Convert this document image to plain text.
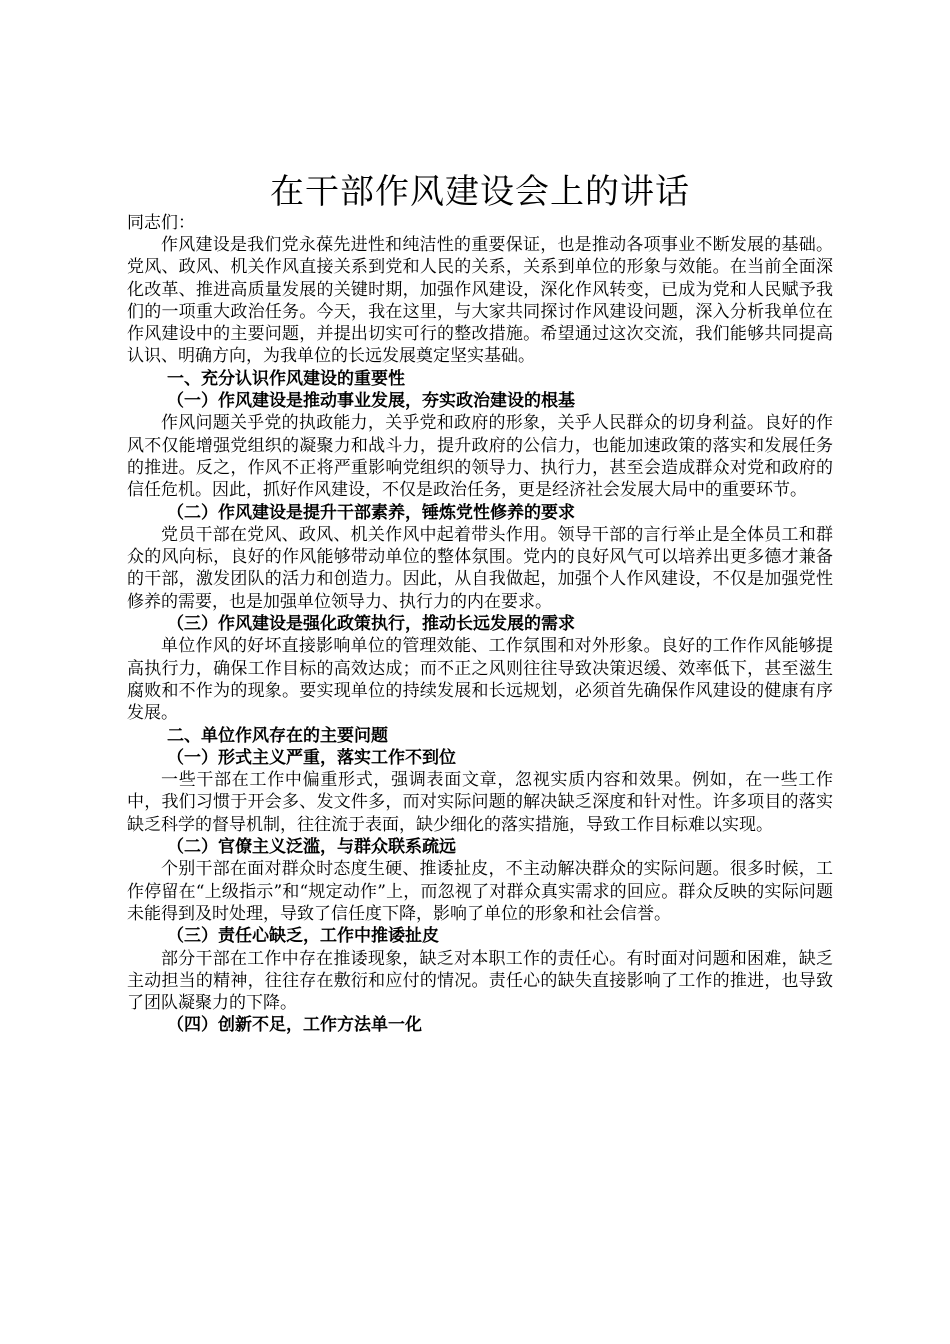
在干部作风建设会上的讲话

同志们：

作风建设是我们党永葆先进性和纯洁性的重要保证，也是推动各项事业不断发展的基础。党风、政风、机关作风直接关系到党和人民的关系，关系到单位的形象与效能。在当前全面深化改革、推进高质量发展的关键时期，加强作风建设，深化作风转变，已成为党和人民赋予我们的一项重大政治任务。今天，我在这里，与大家共同探讨作风建设问题，深入分析我单位在作风建设中的主要问题，并提出切实可行的整改措施。希望通过这次交流，我们能够共同提高认识、明确方向，为我单位的长远发展奠定坚实基础。

一、充分认识作风建设的重要性

（一）作风建设是推动事业发展，夯实政治建设的根基

作风问题关乎党的执政能力，关乎党和政府的形象，关乎人民群众的切身利益。良好的作风不仅能增强党组织的凝聚力和战斗力，提升政府的公信力，也能加速政策的落实和发展任务的推进。反之，作风不正将严重影响党组织的领导力、执行力，甚至会造成群众对党和政府的信任危机。因此，抓好作风建设，不仅是政治任务，更是经济社会发展大局中的重要环节。

（二）作风建设是提升干部素养，锤炼党性修养的要求

党员干部在党风、政风、机关作风中起着带头作用。领导干部的言行举止是全体员工和群众的风向标，良好的作风能够带动单位的整体氛围。党内的良好风气可以培养出更多德才兼备的干部，激发团队的活力和创造力。因此，从自我做起，加强个人作风建设，不仅是加强党性修养的需要，也是加强单位领导力、执行力的内在要求。

（三）作风建设是强化政策执行，推动长远发展的需求

单位作风的好坏直接影响单位的管理效能、工作氛围和对外形象。良好的工作作风能够提高执行力，确保工作目标的高效达成；而不正之风则往往导致决策迟缓、效率低下，甚至滋生腐败和不作为的现象。要实现单位的持续发展和长远规划，必须首先确保作风建设的健康有序发展。

二、单位作风存在的主要问题

（一）形式主义严重，落实工作不到位

一些干部在工作中偏重形式，强调表面文章，忽视实质内容和效果。例如，在一些工作中，我们习惯于开会多、发文件多，而对实际问题的解决缺乏深度和针对性。许多项目的落实缺乏科学的督导机制，往往流于表面，缺少细化的落实措施，导致工作目标难以实现。

（二）官僚主义泛滥，与群众联系疏远

个别干部在面对群众时态度生硬、推诿扯皮，不主动解决群众的实际问题。很多时候，工作停留在“上级指示”和“规定动作”上，而忽视了对群众真实需求的回应。群众反映的实际问题未能得到及时处理，导致了信任度下降，影响了单位的形象和社会信誉。

（三）责任心缺乏，工作中推诿扯皮

部分干部在工作中存在推诿现象，缺乏对本职工作的责任心。有时面对问题和困难，缺乏主动担当的精神，往往存在敷衍和应付的情况。责任心的缺失直接影响了工作的推进，也导致了团队凝聚力的下降。

（四）创新不足，工作方法单一化
